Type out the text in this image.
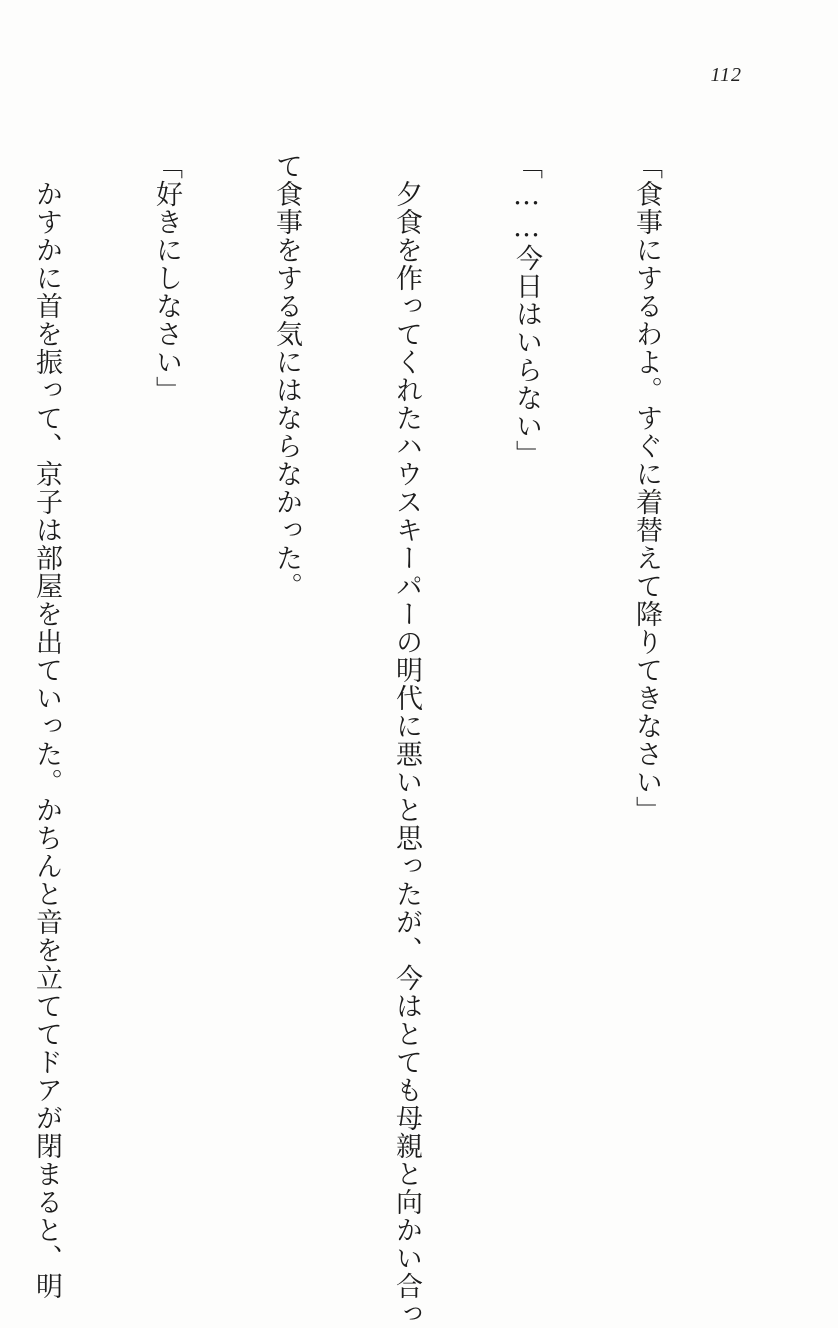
112

「食事にするわよ。すぐに着替えて降りてきなさい」

「……今日はいらない」

　夕食を作ってくれたハウスキーパーの明代に悪いと思ったが、今はとても母親と向かい合っ

て食事をする気にはならなかった。

「好きにしなさい」

　かすかに首を振って、京子は部屋を出ていった。かちんと音を立ててドアが閉まると、明
